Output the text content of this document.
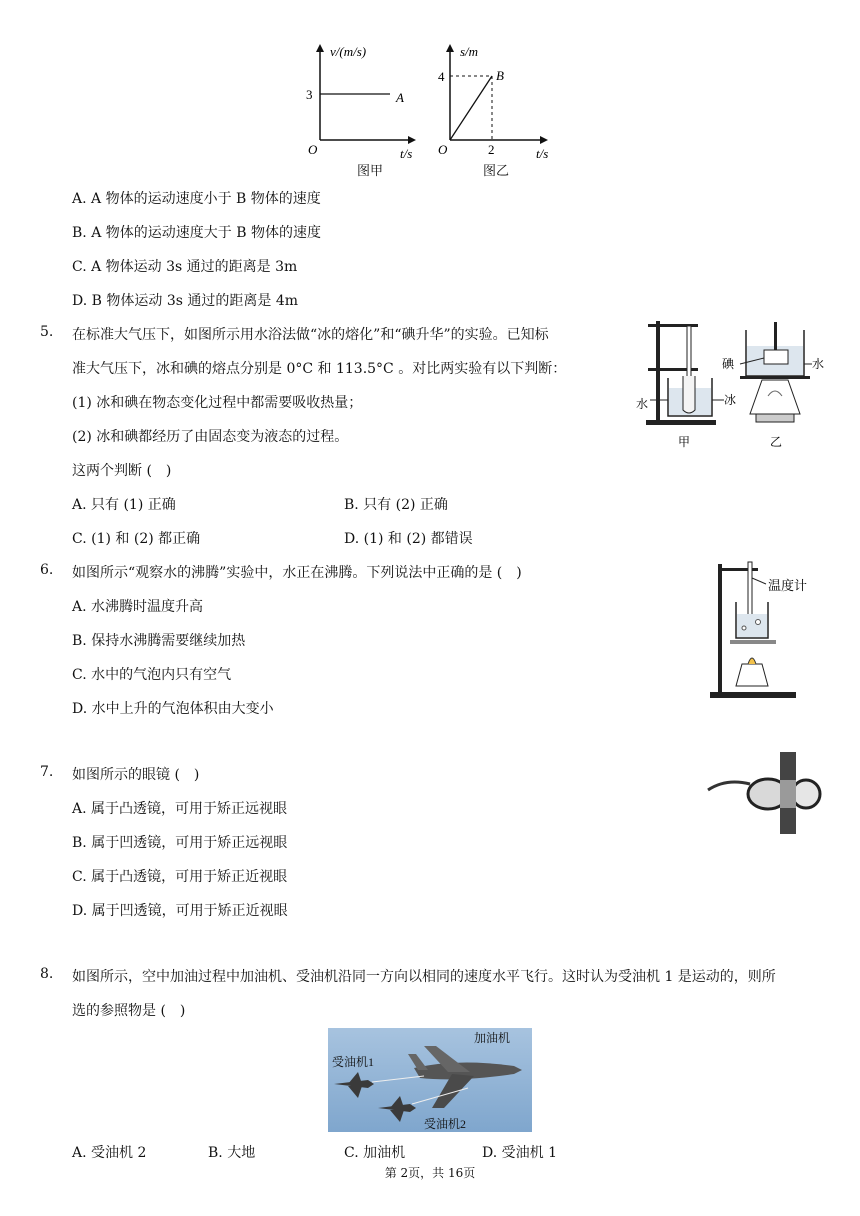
v/(m/s)
3	A
O	t/s
图甲
s/m
4	B
O	2	t/s
图乙
A. A 物体的运动速度小于 B 物体的速度
B. A 物体的运动速度大于 B 物体的速度
C. A 物体运动 3s 通过的距离是 3m
D. B 物体运动 3s 通过的距离是 4m
5. 在标准大气压下，如图所示用水浴法做“冰的熔化”和“碘升华”的实验。已知标
准大气压下，冰和碘的熔点分别是 0°C 和 113.5°C 。对比两实验有以下判断：
(1) 冰和碘在物态变化过程中都需要吸收热量；
(2) 冰和碘都经历了由固态变为液态的过程。
这两个判断 (　)
A. 只有 (1) 正确	B. 只有 (2) 正确
C. (1) 和 (2) 都正确	D. (1) 和 (2) 都错误
水	冰
甲
碘	水
乙
6. 如图所示“观察水的沸腾”实验中，水正在沸腾。下列说法中正确的是 (　)
A. 水沸腾时温度升高
B. 保持水沸腾需要继续加热
C. 水中的气泡内只有空气
D. 水中上升的气泡体积由大变小
温度计
7. 如图所示的眼镜 (　)
A. 属于凸透镜，可用于矫正远视眼
B. 属于凹透镜，可用于矫正远视眼
C. 属于凸透镜，可用于矫正近视眼
D. 属于凹透镜，可用于矫正近视眼
8. 如图所示，空中加油过程中加油机、受油机沿同一方向以相同的速度水平飞行。这时认为受油机 1 是运动的，则所
选的参照物是 (　)
加油机
受油机1
受油机2
A. 受油机 2	B. 大地	C. 加油机	D. 受油机 1
第 2页，共 16页
